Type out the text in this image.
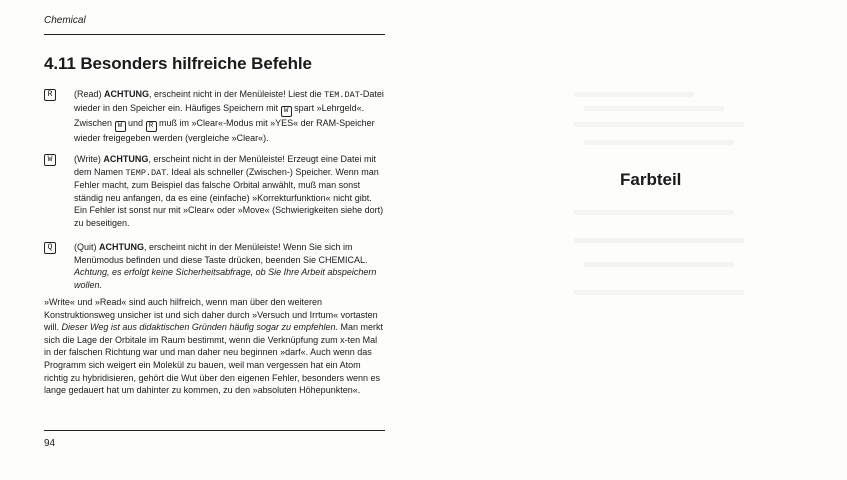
Chemical
4.11 Besonders hilfreiche Befehle
R	(Read) ACHTUNG, erscheint nicht in der Menüleiste! Liest die TEM.DAT-Datei wieder in den Speicher ein. Häufiges Speichern mit W spart »Lehrgeld«. Zwischen W und R muß im »Clear«-Modus mit »YES« der RAM-Speicher wieder freigegeben werden (vergleiche »Clear«).
W	(Write) ACHTUNG, erscheint nicht in der Menüleiste! Erzeugt eine Datei mit dem Namen TEMP.DAT. Ideal als schneller (Zwischen-) Speicher. Wenn man Fehler macht, zum Beispiel das falsche Orbital anwählt, muß man sonst ständig neu anfangen, da es eine (einfache) »Korrekturfunktion« nicht gibt. Ein Fehler ist sonst nur mit »Clear« oder »Move« (Schwierigkeiten siehe dort) zu beseitigen.
Q	(Quit) ACHTUNG, erscheint nicht in der Menüleiste! Wenn Sie sich im Menümodus befinden und diese Taste drücken, beenden Sie CHEMICAL. Achtung, es erfolgt keine Sicherheitsabfrage, ob Sie Ihre Arbeit abspeichern wollen.
»Write« und »Read« sind auch hilfreich, wenn man über den weiteren Konstruktionsweg unsicher ist und sich daher durch »Versuch und Irrtum« vortasten will. Dieser Weg ist aus didaktischen Gründen häufig sogar zu empfehlen. Man merkt sich die Lage der Orbitale im Raum bestimmt, wenn die Verknüpfung zum x-ten Mal in der falschen Richtung war und man daher neu beginnen »darf«. Auch wenn das Programm sich weigert ein Molekül zu bauen, weil man vergessen hat ein Atom richtig zu hybridisieren, gehört die Wut über den eigenen Fehler, besonders wenn es lange gedauert hat um dahinter zu kommen, zu den »absoluten Höhepunkten«.
94
Farbteil
